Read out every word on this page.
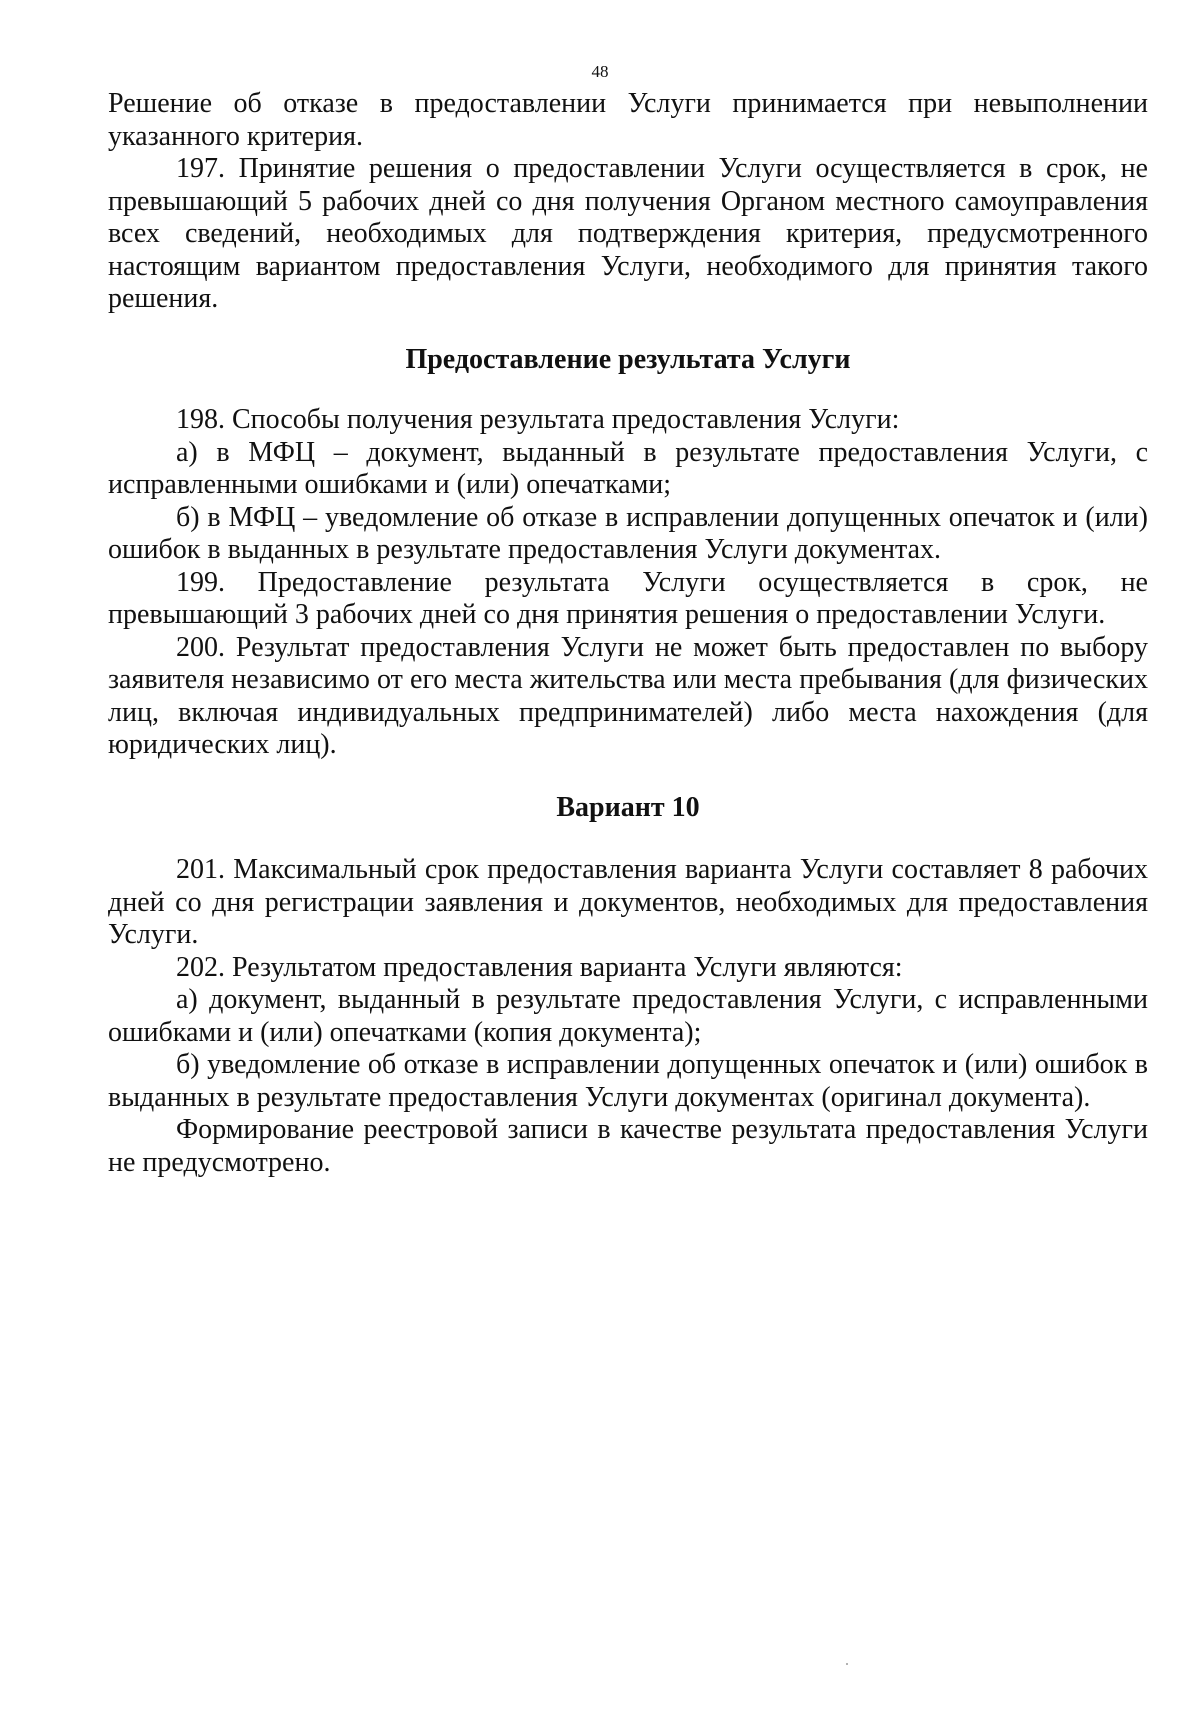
48

Решение об отказе в предоставлении Услуги принимается при невыполнении указанного критерия.

197. Принятие решения о предоставлении Услуги осуществляется в срок, не превышающий 5 рабочих дней со дня получения Органом местного самоуправления всех сведений, необходимых для подтверждения критерия, предусмотренного настоящим вариантом предоставления Услуги, необходимого для принятия такого решения.

Предоставление результата Услуги

198. Способы получения результата предоставления Услуги:

а) в МФЦ – документ, выданный в результате предоставления Услуги, с исправленными ошибками и (или) опечатками;

б) в МФЦ – уведомление об отказе в исправлении допущенных опечаток и (или) ошибок в выданных в результате предоставления Услуги документах.

199. Предоставление результата Услуги осуществляется в срок, не превышающий 3 рабочих дней со дня принятия решения о предоставлении Услуги.

200. Результат предоставления Услуги не может быть предоставлен по выбору заявителя независимо от его места жительства или места пребывания (для физических лиц, включая индивидуальных предпринимателей) либо места нахождения (для юридических лиц).

Вариант 10

201. Максимальный срок предоставления варианта Услуги составляет 8 рабочих дней со дня регистрации заявления и документов, необходимых для предоставления Услуги.

202. Результатом предоставления варианта Услуги являются:

а) документ, выданный в результате предоставления Услуги, с исправленными ошибками и (или) опечатками (копия документа);

б) уведомление об отказе в исправлении допущенных опечаток и (или) ошибок в выданных в результате предоставления Услуги документах (оригинал документа).

Формирование реестровой записи в качестве результата предоставления Услуги не предусмотрено.
